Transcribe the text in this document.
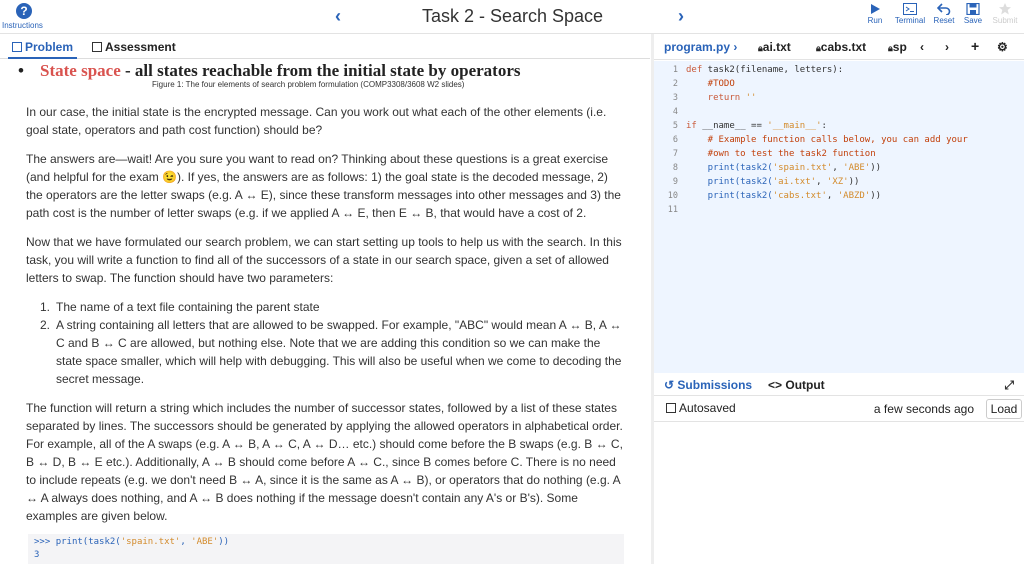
?
Instructions	‹	Task 2 - Search Space	›	Run	Terminal	Reset Save Submit
Problem	Assessment
• State space - all states reachable from the initial state by operators
Figure 1: The four elements of search problem formulation (COMP3308/3608 W2 slides)

In our case, the initial state is the encrypted message. Can you work out what each of the other elements (i.e. goal state, operators and path cost function) should be?

The answers are—wait! Are you sure you want to read on? Thinking about these questions is a great exercise (and helpful for the exam 😉). If yes, the answers are as follows: 1) the goal state is the decoded message, 2) the operators are the letter swaps (e.g. A ↔ E), since these transform messages into other messages and 3) the path cost is the number of letter swaps (e.g. if we applied A ↔ E, then E ↔ B, that would have a cost of 2.

Now that we have formulated our search problem, we can start setting up tools to help us with the search. In this task, you will write a function to find all of the successors of a state in our search space, given a set of allowed letters to swap. The function should have two parameters:

1. The name of a text file containing the parent state
2. A string containing all letters that are allowed to be swapped. For example, "ABC" would mean A ↔ B, A ↔ C and B ↔ C are allowed, but nothing else. Note that we are adding this condition so we can make the state space smaller, which will help with debugging. This will also be useful when we come to decoding the secret message.

The function will return a string which includes the number of successor states, followed by a list of these states separated by lines. The successors should be generated by applying the allowed operators in alphabetical order. For example, all of the A swaps (e.g. A ↔ B, A ↔ C, A ↔ D… etc.) should come before the B swaps (e.g. B ↔ C, B ↔ D, B ↔ E etc.). Additionally, A ↔ B should come before A ↔ C., since B comes before C. There is no need to include repeats (e.g. we don't need B ↔ A, since it is the same as A ↔ B), or operators that do nothing (e.g. A ↔ A always does nothing, and A ↔ B does nothing if the message doesn't contain any A's or B's). Some examples are given below.

>>> print(task2('spain.txt', 'ABE'))
3
program.py › 🔒︎ai.txt	🔒︎cabs.txt 🔒︎sp ‹ › + ⚙
1
2
3
4
5
6
7
8
9
10
11
def task2(filename, letters):
#TODO
return ''

if __name__ == '__main__':
# Example function calls below, you can add your
#own to test the task2 function
print(task2('spain.txt', 'ABE'))
print(task2('ai.txt', 'XZ'))
print(task2('cabs.txt', 'ABZD'))

↺ Submissions <> Output	⤢
Autosaved	a few seconds ago	Load
